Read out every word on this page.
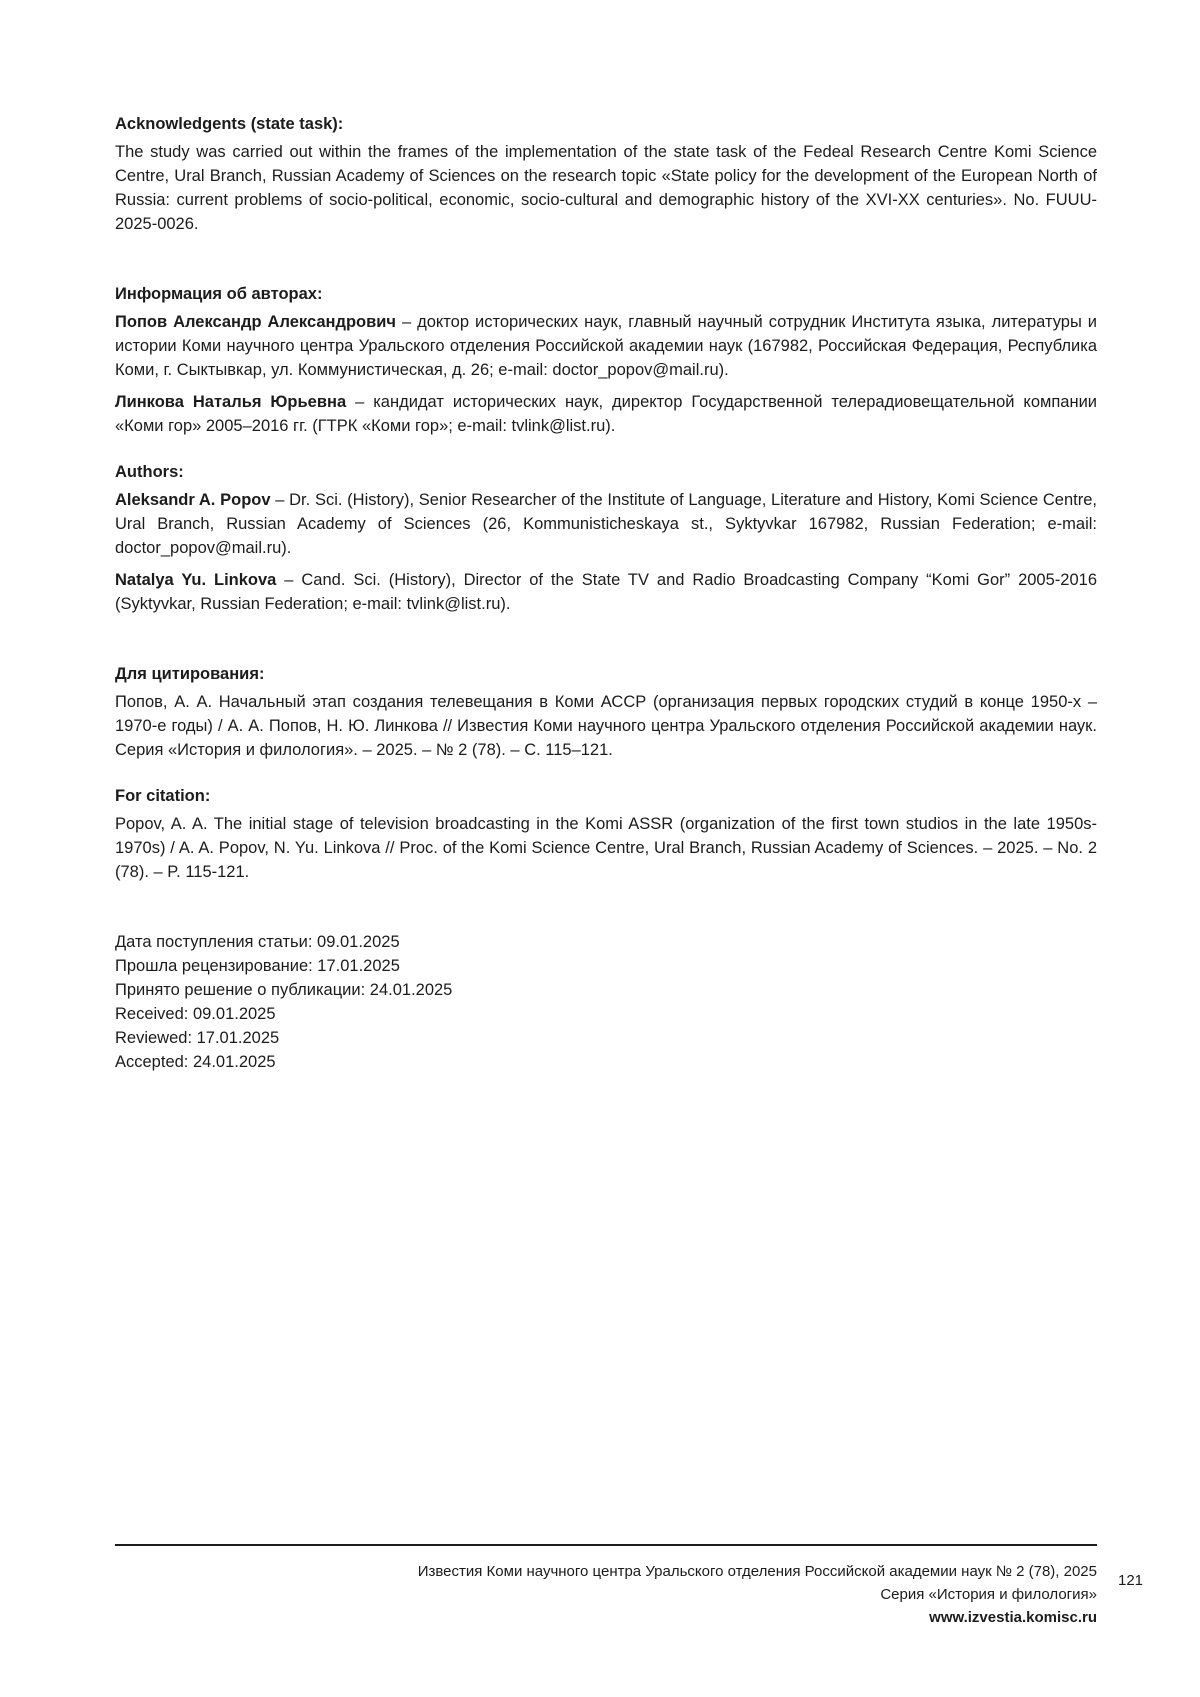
Acknowledgents (state task):

The study was carried out within the frames of the implementation of the state task of the Fedeal Research Centre Komi Science Centre, Ural Branch, Russian Academy of Sciences on the research topic «State policy for the development of the European North of Russia: current problems of socio-political, economic, socio-cultural and demographic history of the XVI-XX centuries». No. FUUU-2025-0026.

Информация об авторах:

Попов Александр Александрович – доктор исторических наук, главный научный сотрудник Института языка, литературы и истории Коми научного центра Уральского отделения Российской академии наук (167982, Российская Федерация, Республика Коми, г. Сыктывкар, ул. Коммунистическая, д. 26; e-mail: doctor_popov@mail.ru).

Линкова Наталья Юрьевна – кандидат исторических наук, директор Государственной телерадиовещательной компании «Коми гор» 2005–2016 гг. (ГТРК «Коми гор»; e-mail: tvlink@list.ru).

Authors:

Aleksandr A. Popov – Dr. Sci. (History), Senior Researcher of the Institute of Language, Literature and History, Komi Science Centre, Ural Branch, Russian Academy of Sciences (26, Kommunisticheskaya st., Syktyvkar 167982, Russian Federation; e-mail: doctor_popov@mail.ru).

Natalya Yu. Linkova – Cand. Sci. (History), Director of the State TV and Radio Broadcasting Company “Komi Gor” 2005-2016 (Syktyvkar, Russian Federation; e-mail: tvlink@list.ru).

Для цитирования:

Попов, А. А. Начальный этап создания телевещания в Коми АССР (организация первых городских студий в конце 1950-х – 1970-е годы) / А. А. Попов, Н. Ю. Линкова // Известия Коми научного центра Уральского отделения Российской академии наук. Серия «История и филология». – 2025. – № 2 (78). – С. 115–121.

For citation:

Popov, A. A. The initial stage of television broadcasting in the Komi ASSR (organization of the first town studios in the late 1950s-1970s) / A. A. Popov, N. Yu. Linkova // Proc. of the Komi Science Centre, Ural Branch, Russian Academy of Sciences. – 2025. – No. 2 (78). – P. 115-121.

Дата поступления статьи: 09.01.2025
Прошла рецензирование: 17.01.2025
Принято решение о публикации: 24.01.2025
Received: 09.01.2025
Reviewed: 17.01.2025
Accepted: 24.01.2025
Известия Коми научного центра Уральского отделения Российской академии наук № 2 (78), 2025
Серия «История и филология»
www.izvestia.komisc.ru
121
